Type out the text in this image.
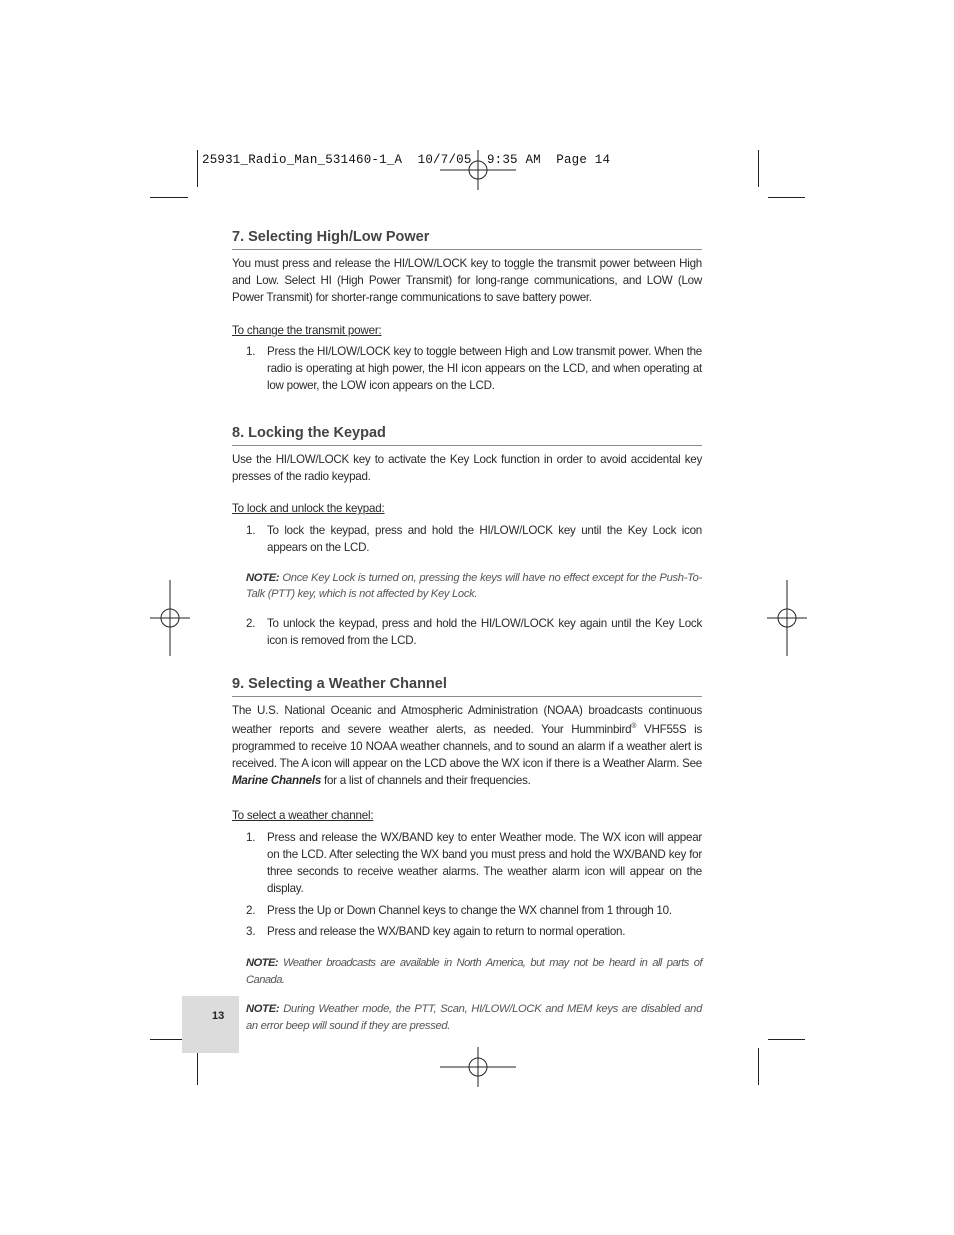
25931_Radio_Man_531460-1_A  10/7/05  9:35 AM  Page 14
7. Selecting High/Low Power

You must press and release the HI/LOW/LOCK key to toggle the transmit power between High and Low. Select HI (High Power Transmit) for long-range communications, and LOW (Low Power Transmit) for shorter-range communications to save battery power.

To change the transmit power:
1. Press the HI/LOW/LOCK key to toggle between High and Low transmit power. When the radio is operating at high power, the HI icon appears on the LCD, and when operating at low power, the LOW icon appears on the LCD.
8. Locking the Keypad

Use the HI/LOW/LOCK key to activate the Key Lock function in order to avoid accidental key presses of the radio keypad.

To lock and unlock the keypad:
1. To lock the keypad, press and hold the HI/LOW/LOCK key until the Key Lock icon appears on the LCD.

NOTE: Once Key Lock is turned on, pressing the keys will have no effect except for the Push-To-Talk (PTT) key, which is not affected by Key Lock.

2. To unlock the keypad, press and hold the HI/LOW/LOCK key again until the Key Lock icon is removed from the LCD.
9. Selecting a Weather Channel

The U.S. National Oceanic and Atmospheric Administration (NOAA) broadcasts continuous weather reports and severe weather alerts, as needed. Your Humminbird® VHF55S is programmed to receive 10 NOAA weather channels, and to sound an alarm if a weather alert is received. The A icon will appear on the LCD above the WX icon if there is a Weather Alarm. See Marine Channels for a list of channels and their frequencies.

To select a weather channel:
1. Press and release the WX/BAND key to enter Weather mode. The WX icon will appear on the LCD. After selecting the WX band you must press and hold the WX/BAND key for three seconds to receive weather alarms. The weather alarm icon will appear on the display.
2. Press the Up or Down Channel keys to change the WX channel from 1 through 10.
3. Press and release the WX/BAND key again to return to normal operation.

NOTE: Weather broadcasts are available in North America, but may not be heard in all parts of Canada.

NOTE: During Weather mode, the PTT, Scan, HI/LOW/LOCK and MEM keys are disabled and an error beep will sound if they are pressed.

13
